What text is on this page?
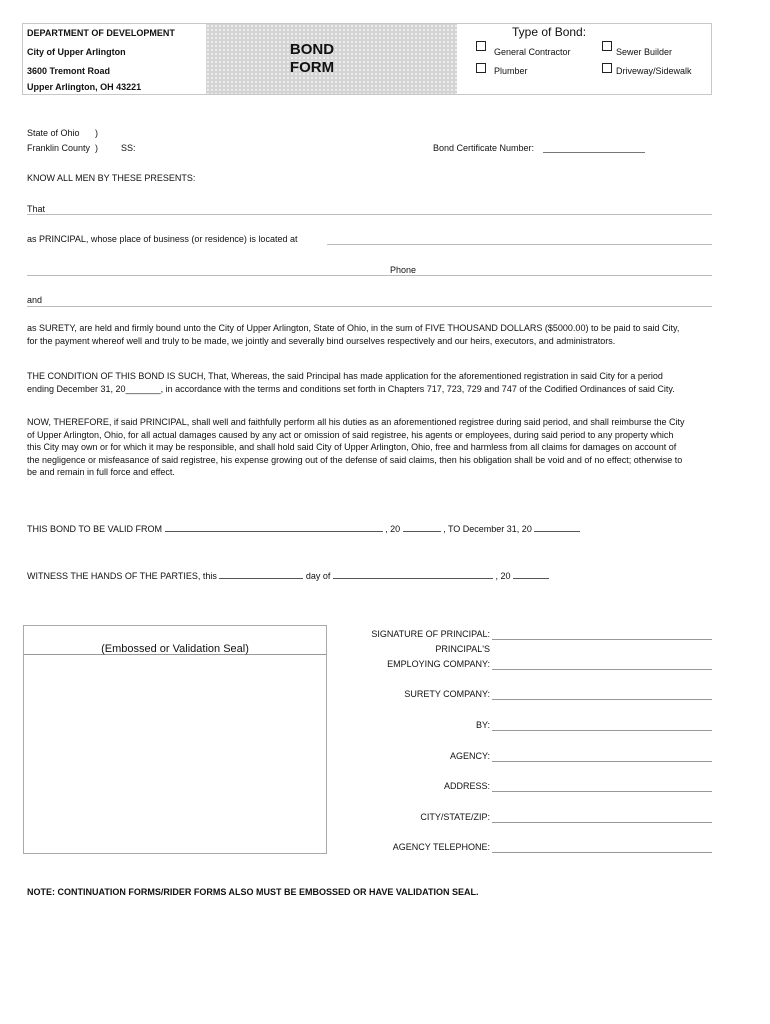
DEPARTMENT OF DEVELOPMENT
City of Upper Arlington
3600 Tremont Road
Upper Arlington, OH 43221
BOND
FORM
Type of Bond:
General Contractor
Plumber
Sewer Builder
Driveway/Sidewalk
State of Ohio )
Franklin County )	SS:	Bond Certificate Number:
KNOW ALL MEN BY THESE PRESENTS:
That
as PRINCIPAL, whose place of business (or residence) is located at
Phone
and
as SURETY, are held and firmly bound unto the City of Upper Arlington, State of Ohio, in the sum of FIVE THOUSAND DOLLARS ($5000.00) to be paid to said City, for the payment whereof well and truly to be made, we jointly and severally bind ourselves respectively and our heirs, executors, and administrators.
THE CONDITION OF THIS BOND IS SUCH, That, Whereas, the said Principal has made application for the aforementioned registration in said City for a period ending December 31, 20_______, in accordance with the terms and conditions set forth in Chapters 717, 723, 729 and 747 of the Codified Ordinances of said City.
NOW, THEREFORE, if said PRINCIPAL, shall well and faithfully perform all his duties as an aforementioned registree during said period, and shall reimburse the City of Upper Arlington, Ohio, for all actual damages caused by any act or omission of said registree, his agents or employees, during said period to any property which this City may own or for which it may be responsible, and shall hold said City of Upper Arlington, Ohio, free and harmless from all claims for damages on account of the negligence or misfeasance of said registree, his expense growing out of the defense of said claims, then his obligation shall be void and of no effect; otherwise to be and remain in full force and effect.
THIS BOND TO BE VALID FROM	, 20	, TO December 31, 20
WITNESS THE HANDS OF THE PARTIES, this	day of	, 20
(Embossed or Validation Seal)
SIGNATURE OF PRINCIPAL:
PRINCIPAL'S
EMPLOYING COMPANY:
SURETY COMPANY:
BY:
AGENCY:
ADDRESS:
CITY/STATE/ZIP:
AGENCY TELEPHONE:
NOTE: CONTINUATION FORMS/RIDER FORMS ALSO MUST BE EMBOSSED OR HAVE VALIDATION SEAL.
